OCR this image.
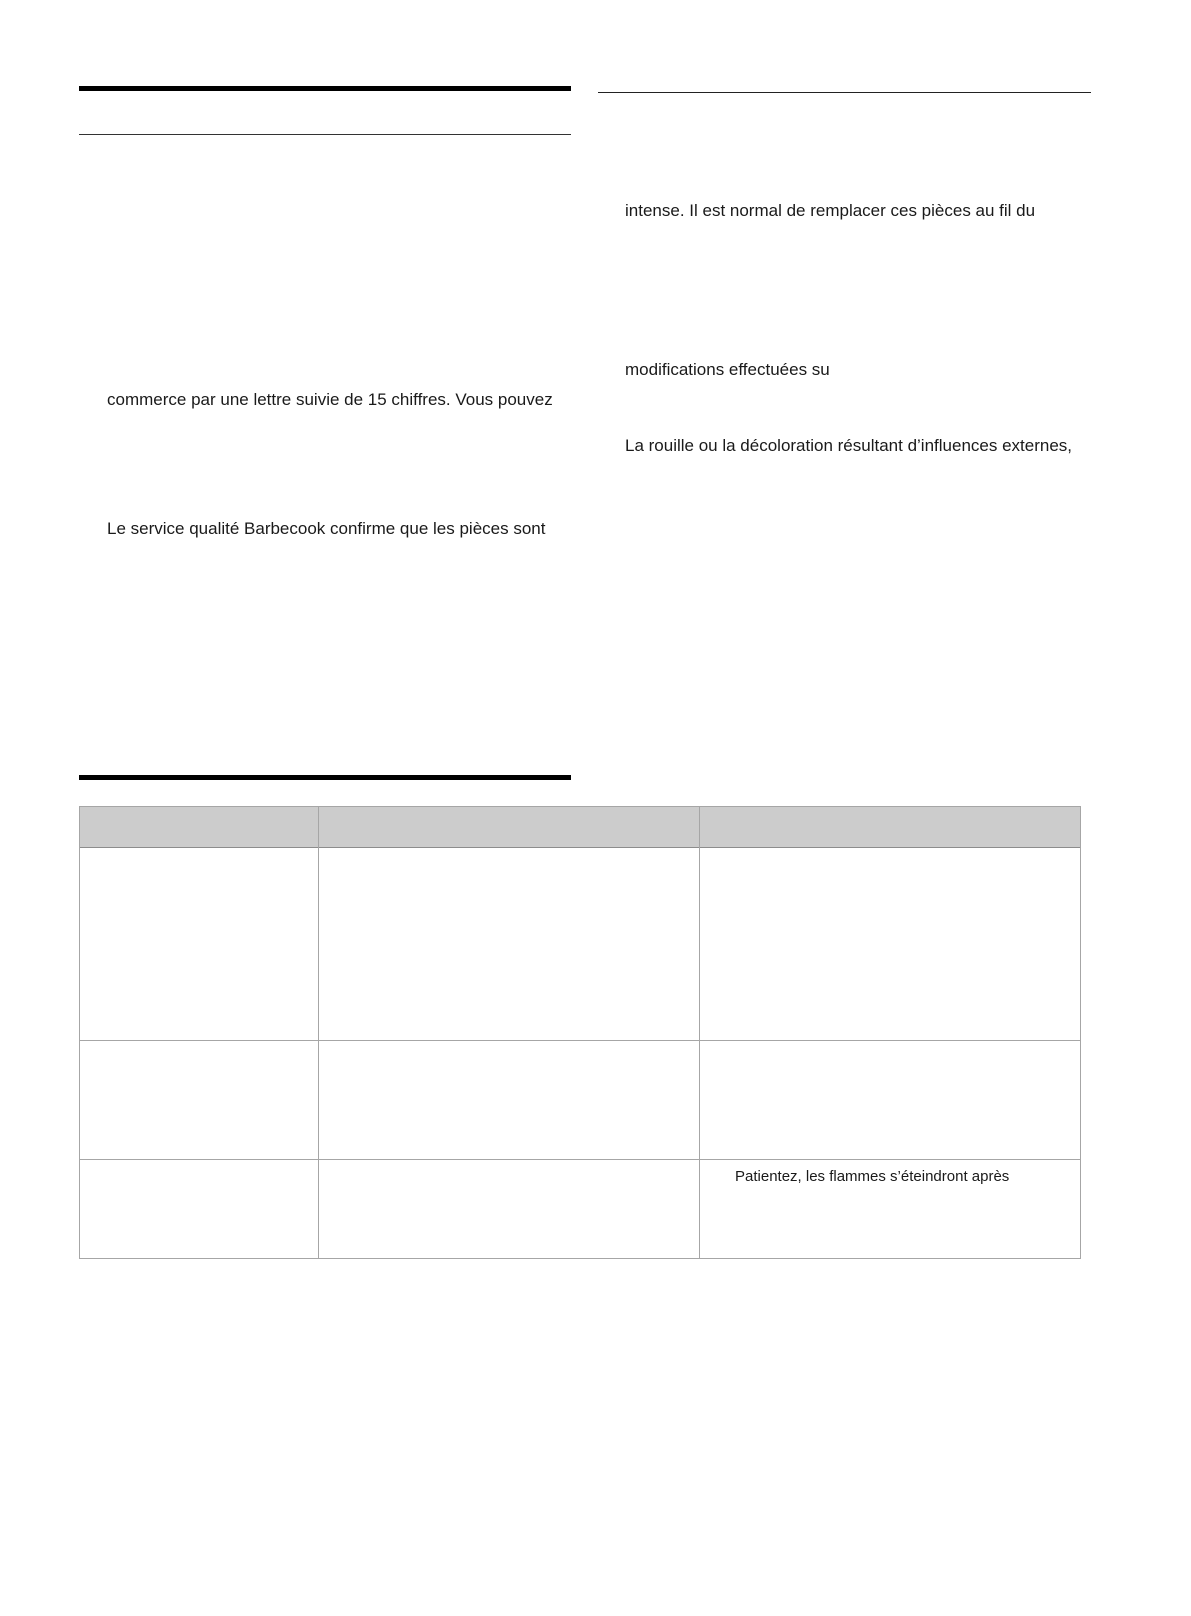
commerce par une lettre suivie de 15 chiffres. Vous pouvez
Le service qualité Barbecook confirme que les pièces sont
intense. Il est normal de remplacer ces pièces au fil du
modifications effectuées su
La rouille ou la décoloration résultant d’influences externes,
Patientez, les flammes s’éteindront après
